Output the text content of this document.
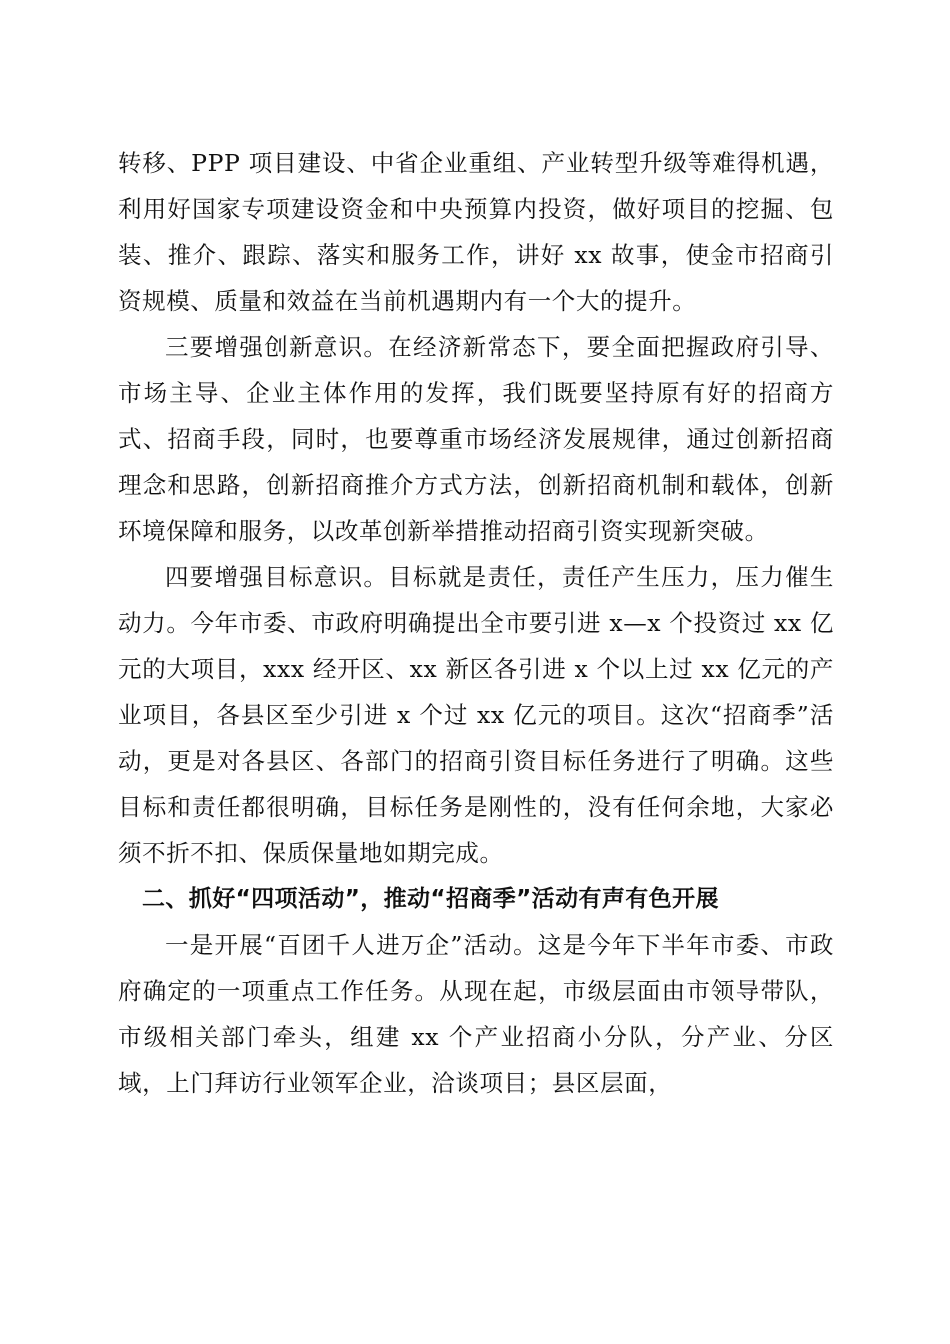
转移、PPP 项目建设、中省企业重组、产业转型升级等难得机遇，利用好国家专项建设资金和中央预算内投资，做好项目的挖掘、包装、推介、跟踪、落实和服务工作，讲好 xx 故事，使金市招商引资规模、质量和效益在当前机遇期内有一个大的提升。

三要增强创新意识。在经济新常态下，要全面把握政府引导、市场主导、企业主体作用的发挥，我们既要坚持原有好的招商方式、招商手段，同时，也要尊重市场经济发展规律，通过创新招商理念和思路，创新招商推介方式方法，创新招商机制和载体，创新环境保障和服务，以改革创新举措推动招商引资实现新突破。

四要增强目标意识。目标就是责任，责任产生压力，压力催生动力。今年市委、市政府明确提出全市要引进 x—x 个投资过 xx 亿元的大项目，xxx 经开区、xx 新区各引进 x 个以上过 xx 亿元的产业项目，各县区至少引进 x 个过 xx 亿元的项目。这次“招商季”活动，更是对各县区、各部门的招商引资目标任务进行了明确。这些目标和责任都很明确，目标任务是刚性的，没有任何余地，大家必须不折不扣、保质保量地如期完成。

二、抓好“四项活动”，推动“招商季”活动有声有色开展

一是开展“百团千人进万企”活动。这是今年下半年市委、市政府确定的一项重点工作任务。从现在起，市级层面由市领导带队，市级相关部门牵头，组建 xx 个产业招商小分队，分产业、分区域，上门拜访行业领军企业，洽谈项目；县区层面，
